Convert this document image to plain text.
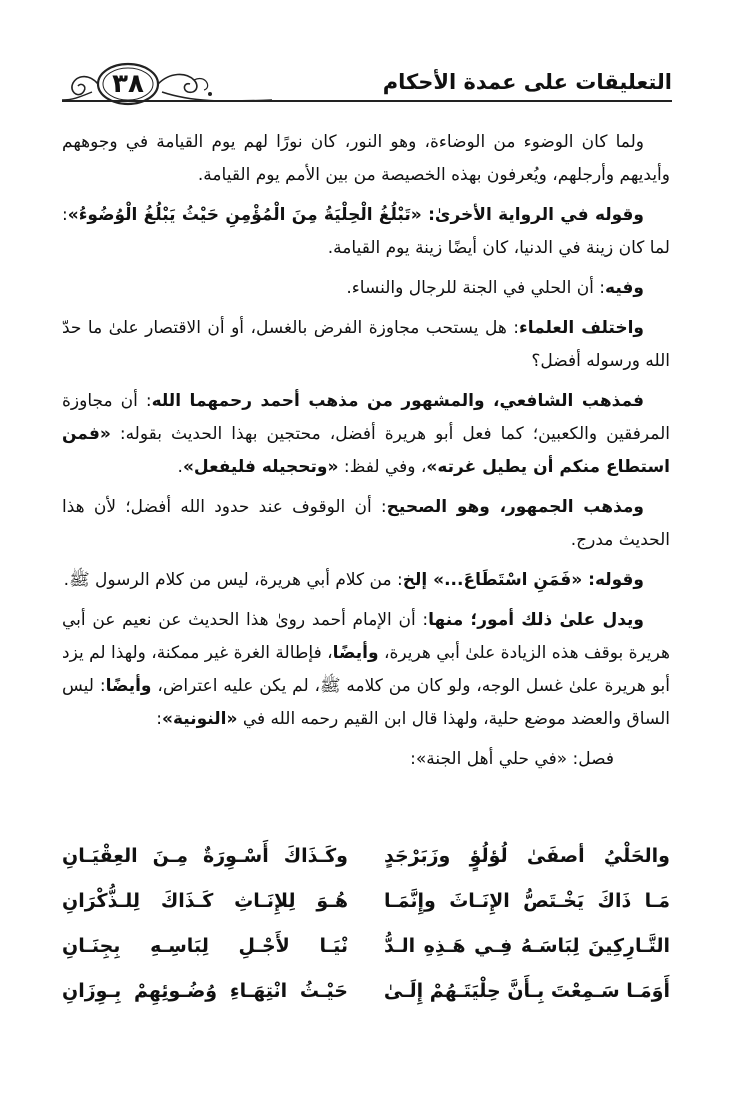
التعليقات على عمدة الأحكام
٣٨

ولما كان الوضوء من الوضاءة، وهو النور، كان نورًا لهم يوم القيامة في وجوههم وأيديهم وأرجلهم، ويُعرفون بهذه الخصيصة من بين الأمم يوم القيامة.

وقوله في الرواية الأخرىٰ: «تَبْلُغُ الْحِلْيَةُ مِنَ الْمُؤْمِنِ حَيْثُ يَبْلُغُ الْوُضُوءُ»: لما كان زينة في الدنيا، كان أيضًا زينة يوم القيامة.

وفيه: أن الحلي في الجنة للرجال والنساء.

واختلف العلماء: هل يستحب مجاوزة الفرض بالغسل، أو أن الاقتصار علىٰ ما حدّ الله ورسوله أفضل؟

فمذهب الشافعي، والمشهور من مذهب أحمد رحمهما الله: أن مجاوزة المرفقين والكعبين؛ كما فعل أبو هريرة أفضل، محتجين بهذا الحديث بقوله: «فمن استطاع منكم أن يطيل غرته»، وفي لفظ: «وتحجيله فليفعل».

ومذهب الجمهور، وهو الصحيح: أن الوقوف عند حدود الله أفضل؛ لأن هذا الحديث مدرج.

وقوله: «فَمَنِ اسْتَطَاعَ...» إلخ: من كلام أبي هريرة، ليس من كلام الرسول ﷺ.

ويدل علىٰ ذلك أمور؛ منها: أن الإمام أحمد روىٰ هذا الحديث عن نعيم عن أبي هريرة بوقف هذه الزيادة علىٰ أبي هريرة، وأيضًا، فإطالة الغرة غير ممكنة، ولهذا لم يزد أبو هريرة علىٰ غسل الوجه، ولو كان من كلامه ﷺ، لم يكن عليه اعتراض، وأيضًا: ليس الساق والعضد موضع حلية، ولهذا قال ابن القيم رحمه الله في «النونية»:

فصل: «في حلي أهل الجنة»:

والحَلْيُ أصفَىٰ لُؤلُؤٍ وزَبَرْجَدٍ
وكَـذَاكَ أَسْـوِرَةٌ مِـنَ العِقْيَـانِ
مَـا ذَاكَ يَخْـتَصُّ الإِنَـاثَ وإِنَّمَـا
هُـوَ لِلإِنَـاثِ كَـذَاكَ لِلـذُّكْرَانِ
التَّـارِكِينَ لِبَاسَـهُ فِـي هَـذِهِ الـدُّ
نْيَـا لأَجْـلِ لِبَاسِـهِ بِجِنَـانِ
أَوَمَـا سَـمِعْتَ بِـأَنَّ حِلْيَتَـهُمْ إِلَـىٰ
حَيْـثُ انْتِهَـاءِ وُضُـوئِهِمْ بِـوِزَانِ
